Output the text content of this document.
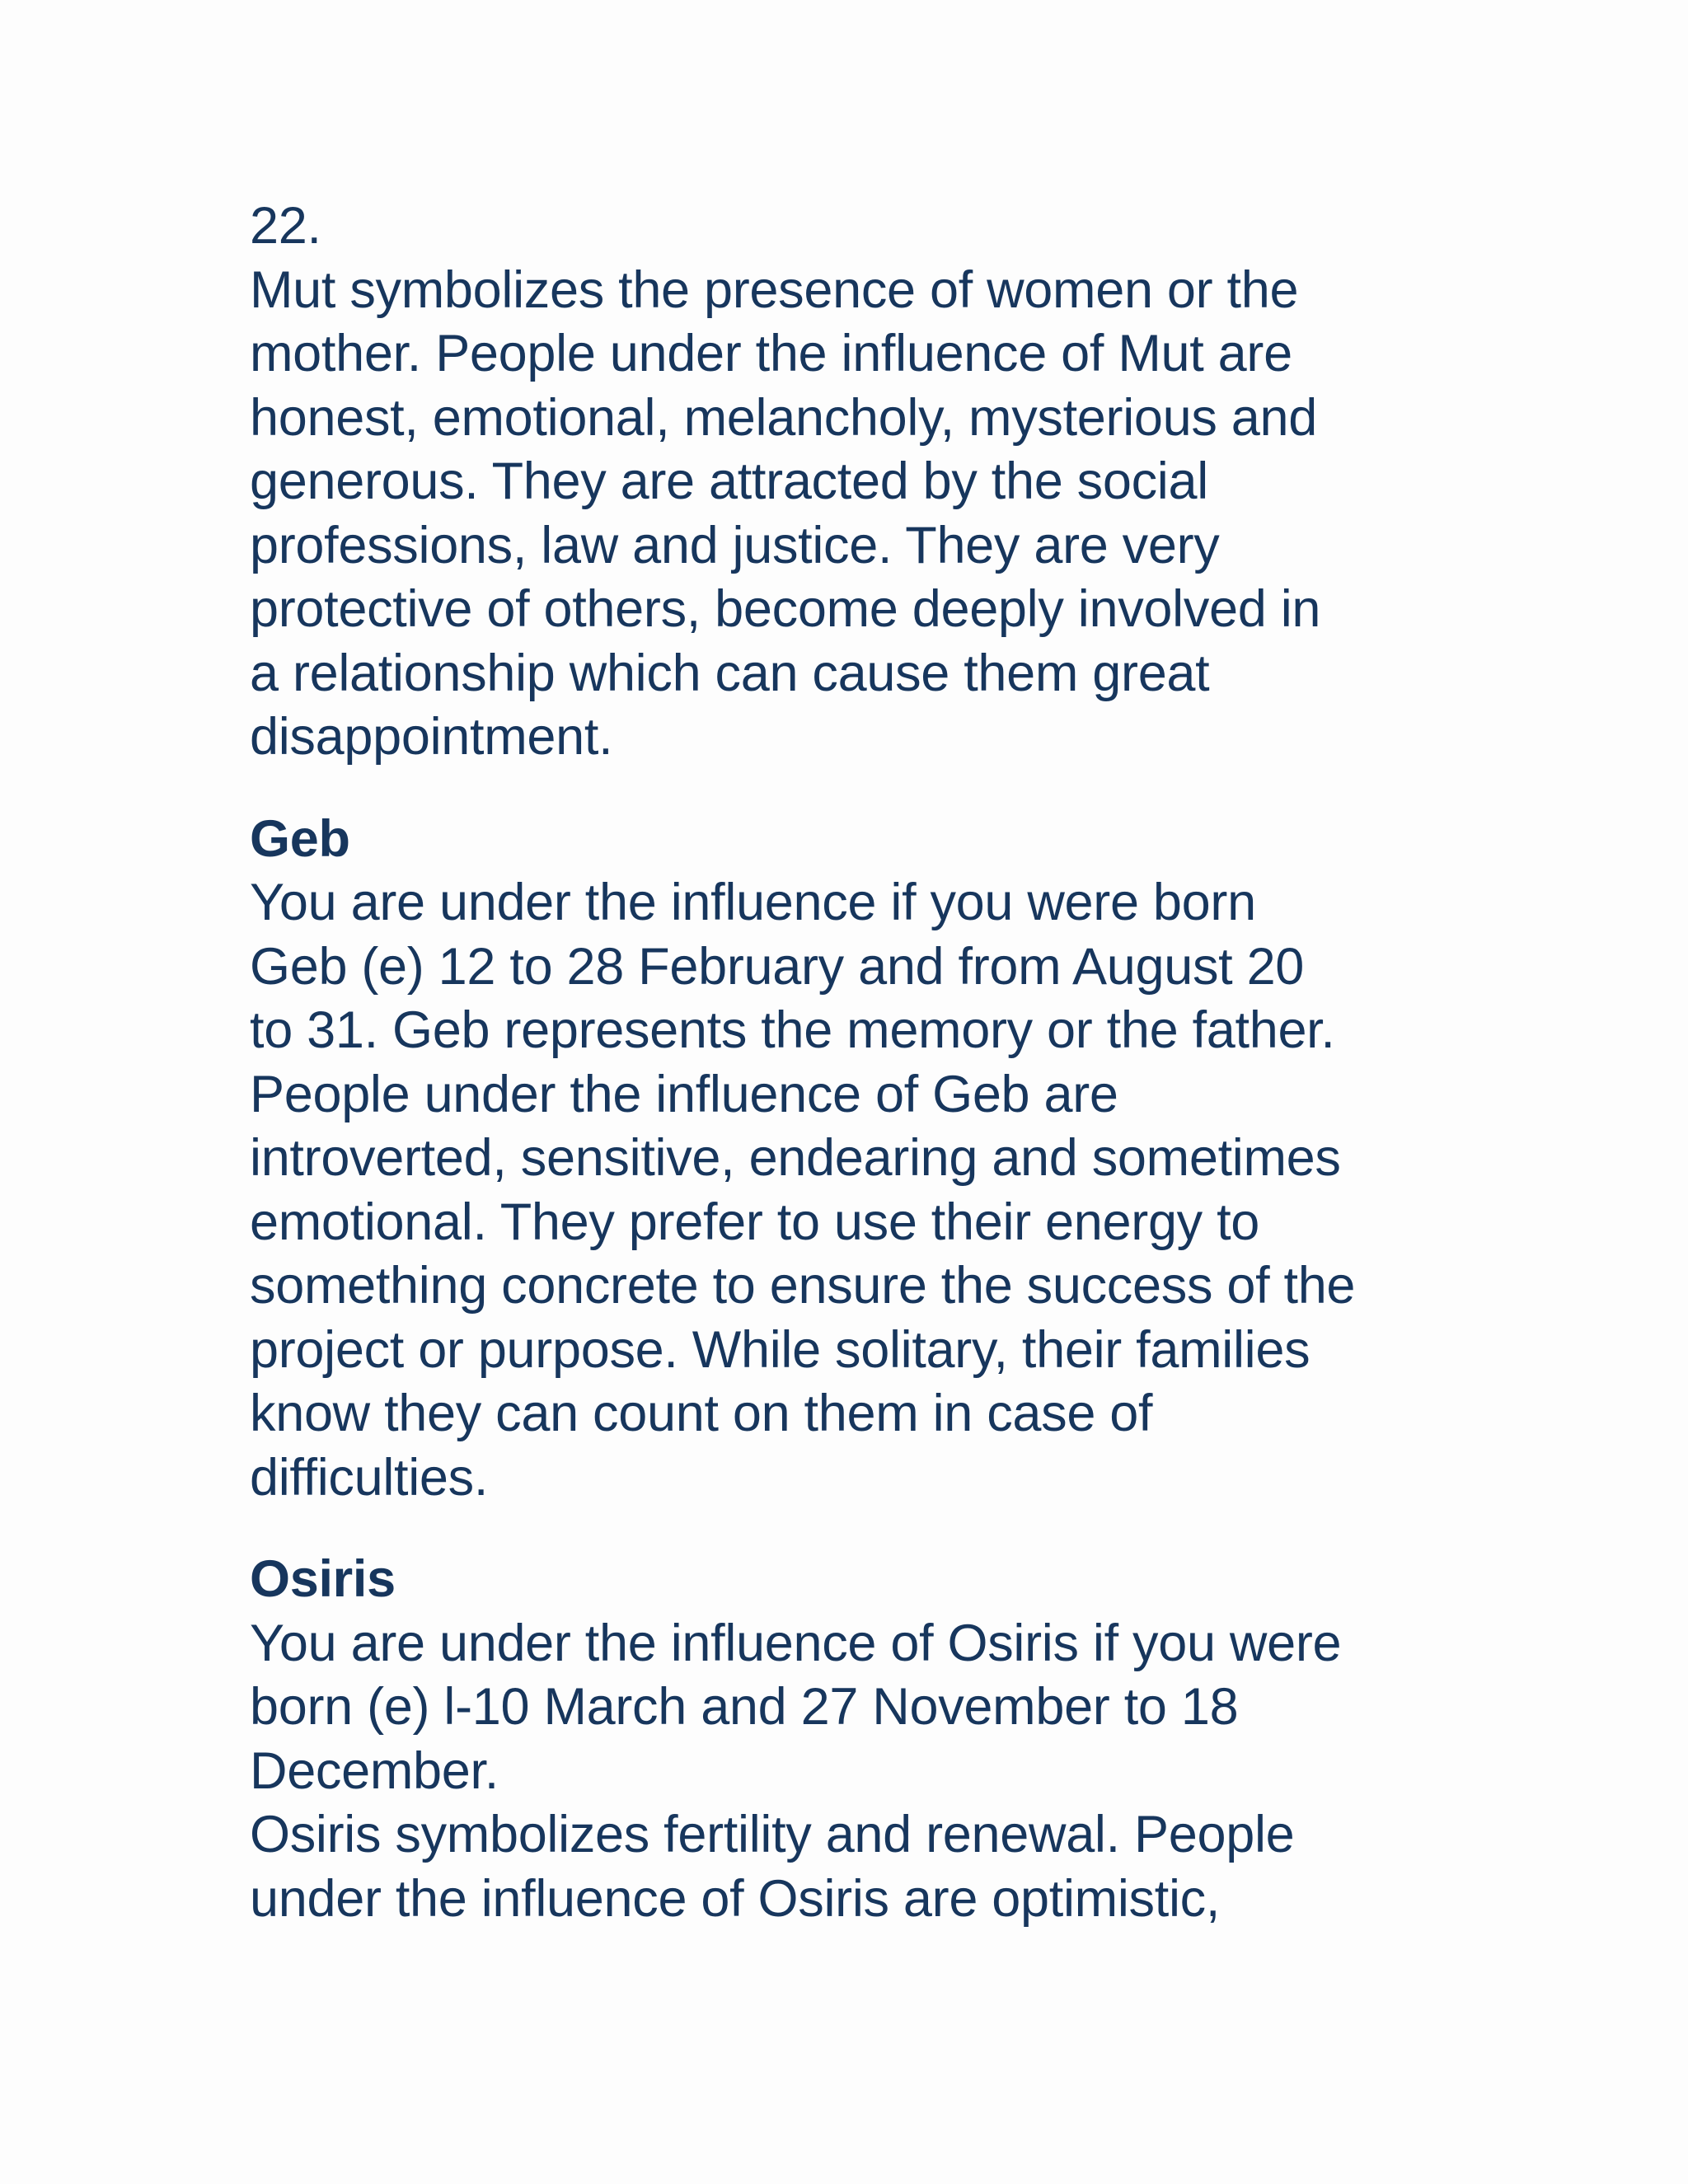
22.
Mut symbolizes the presence of women or the
mother. People under the influence of Mut are
honest, emotional, melancholy, mysterious and
generous. They are attracted by the social
professions, law and justice. They are very
protective of others, become deeply involved in
a relationship which can cause them great
disappointment.
Geb
You are under the influence if you were born
Geb (e) 12 to 28 February and from August 20
to 31. Geb represents the memory or the father.
People under the influence of Geb are
introverted, sensitive, endearing and sometimes
emotional. They prefer to use their energy to
something concrete to ensure the success of the
project or purpose. While solitary, their families
know they can count on them in case of
difficulties.
Osiris
You are under the influence of Osiris if you were
born (e) l-10 March and 27 November to 18
December.
Osiris symbolizes fertility and renewal. People
under the influence of Osiris are optimistic,
